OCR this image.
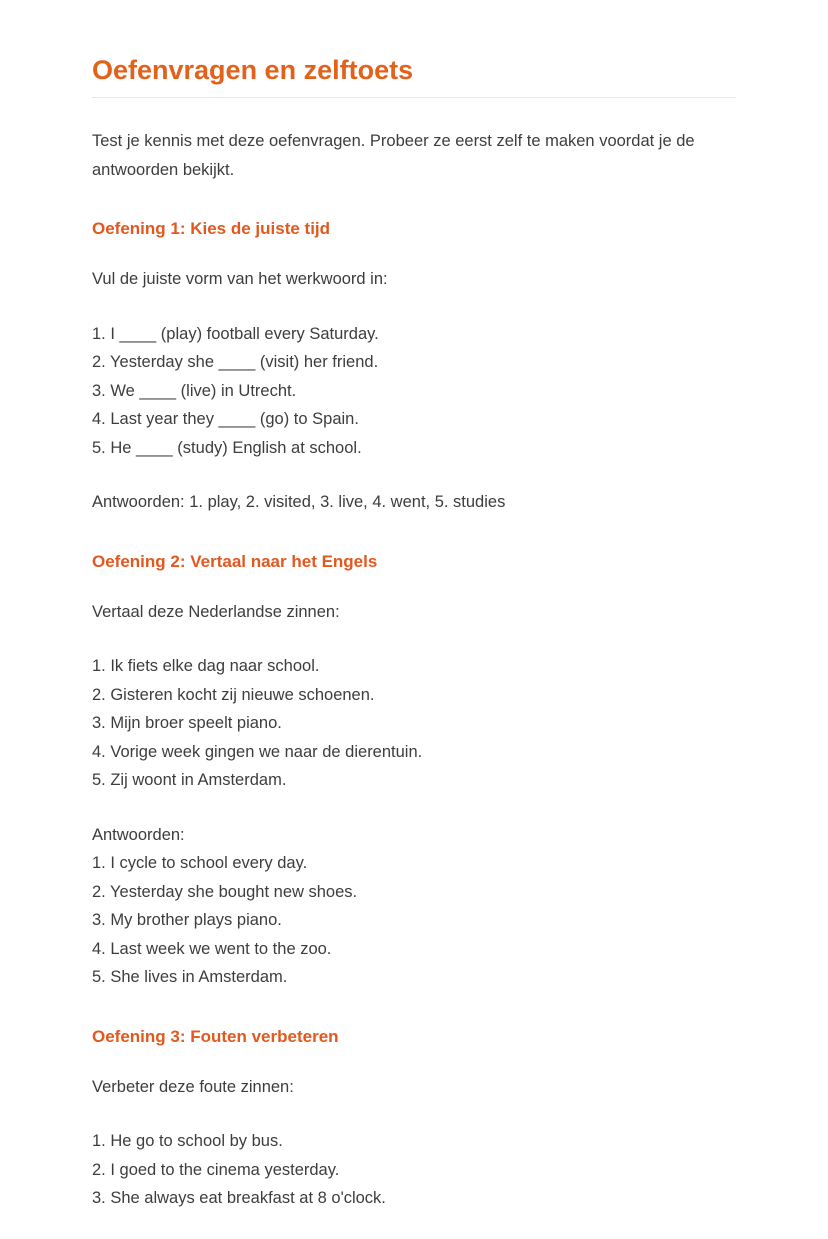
Oefenvragen en zelftoets

Test je kennis met deze oefenvragen. Probeer ze eerst zelf te maken voordat je de antwoorden bekijkt.

Oefening 1: Kies de juiste tijd

Vul de juiste vorm van het werkwoord in:

1. I ____ (play) football every Saturday.
2. Yesterday she ____ (visit) her friend.
3. We ____ (live) in Utrecht.
4. Last year they ____ (go) to Spain.
5. He ____ (study) English at school.
Antwoorden: 1. play, 2. visited, 3. live, 4. went, 5. studies
Oefening 2: Vertaal naar het Engels

Vertaal deze Nederlandse zinnen:

1. Ik fiets elke dag naar school.
2. Gisteren kocht zij nieuwe schoenen.
3. Mijn broer speelt piano.
4. Vorige week gingen we naar de dierentuin.
5. Zij woont in Amsterdam.
Antwoorden:
1. I cycle to school every day.
2. Yesterday she bought new shoes.
3. My brother plays piano.
4. Last week we went to the zoo.
5. She lives in Amsterdam.
Oefening 3: Fouten verbeteren

Verbeter deze foute zinnen:

1. He go to school by bus.
2. I goed to the cinema yesterday.
3. She always eat breakfast at 8 o'clock.
